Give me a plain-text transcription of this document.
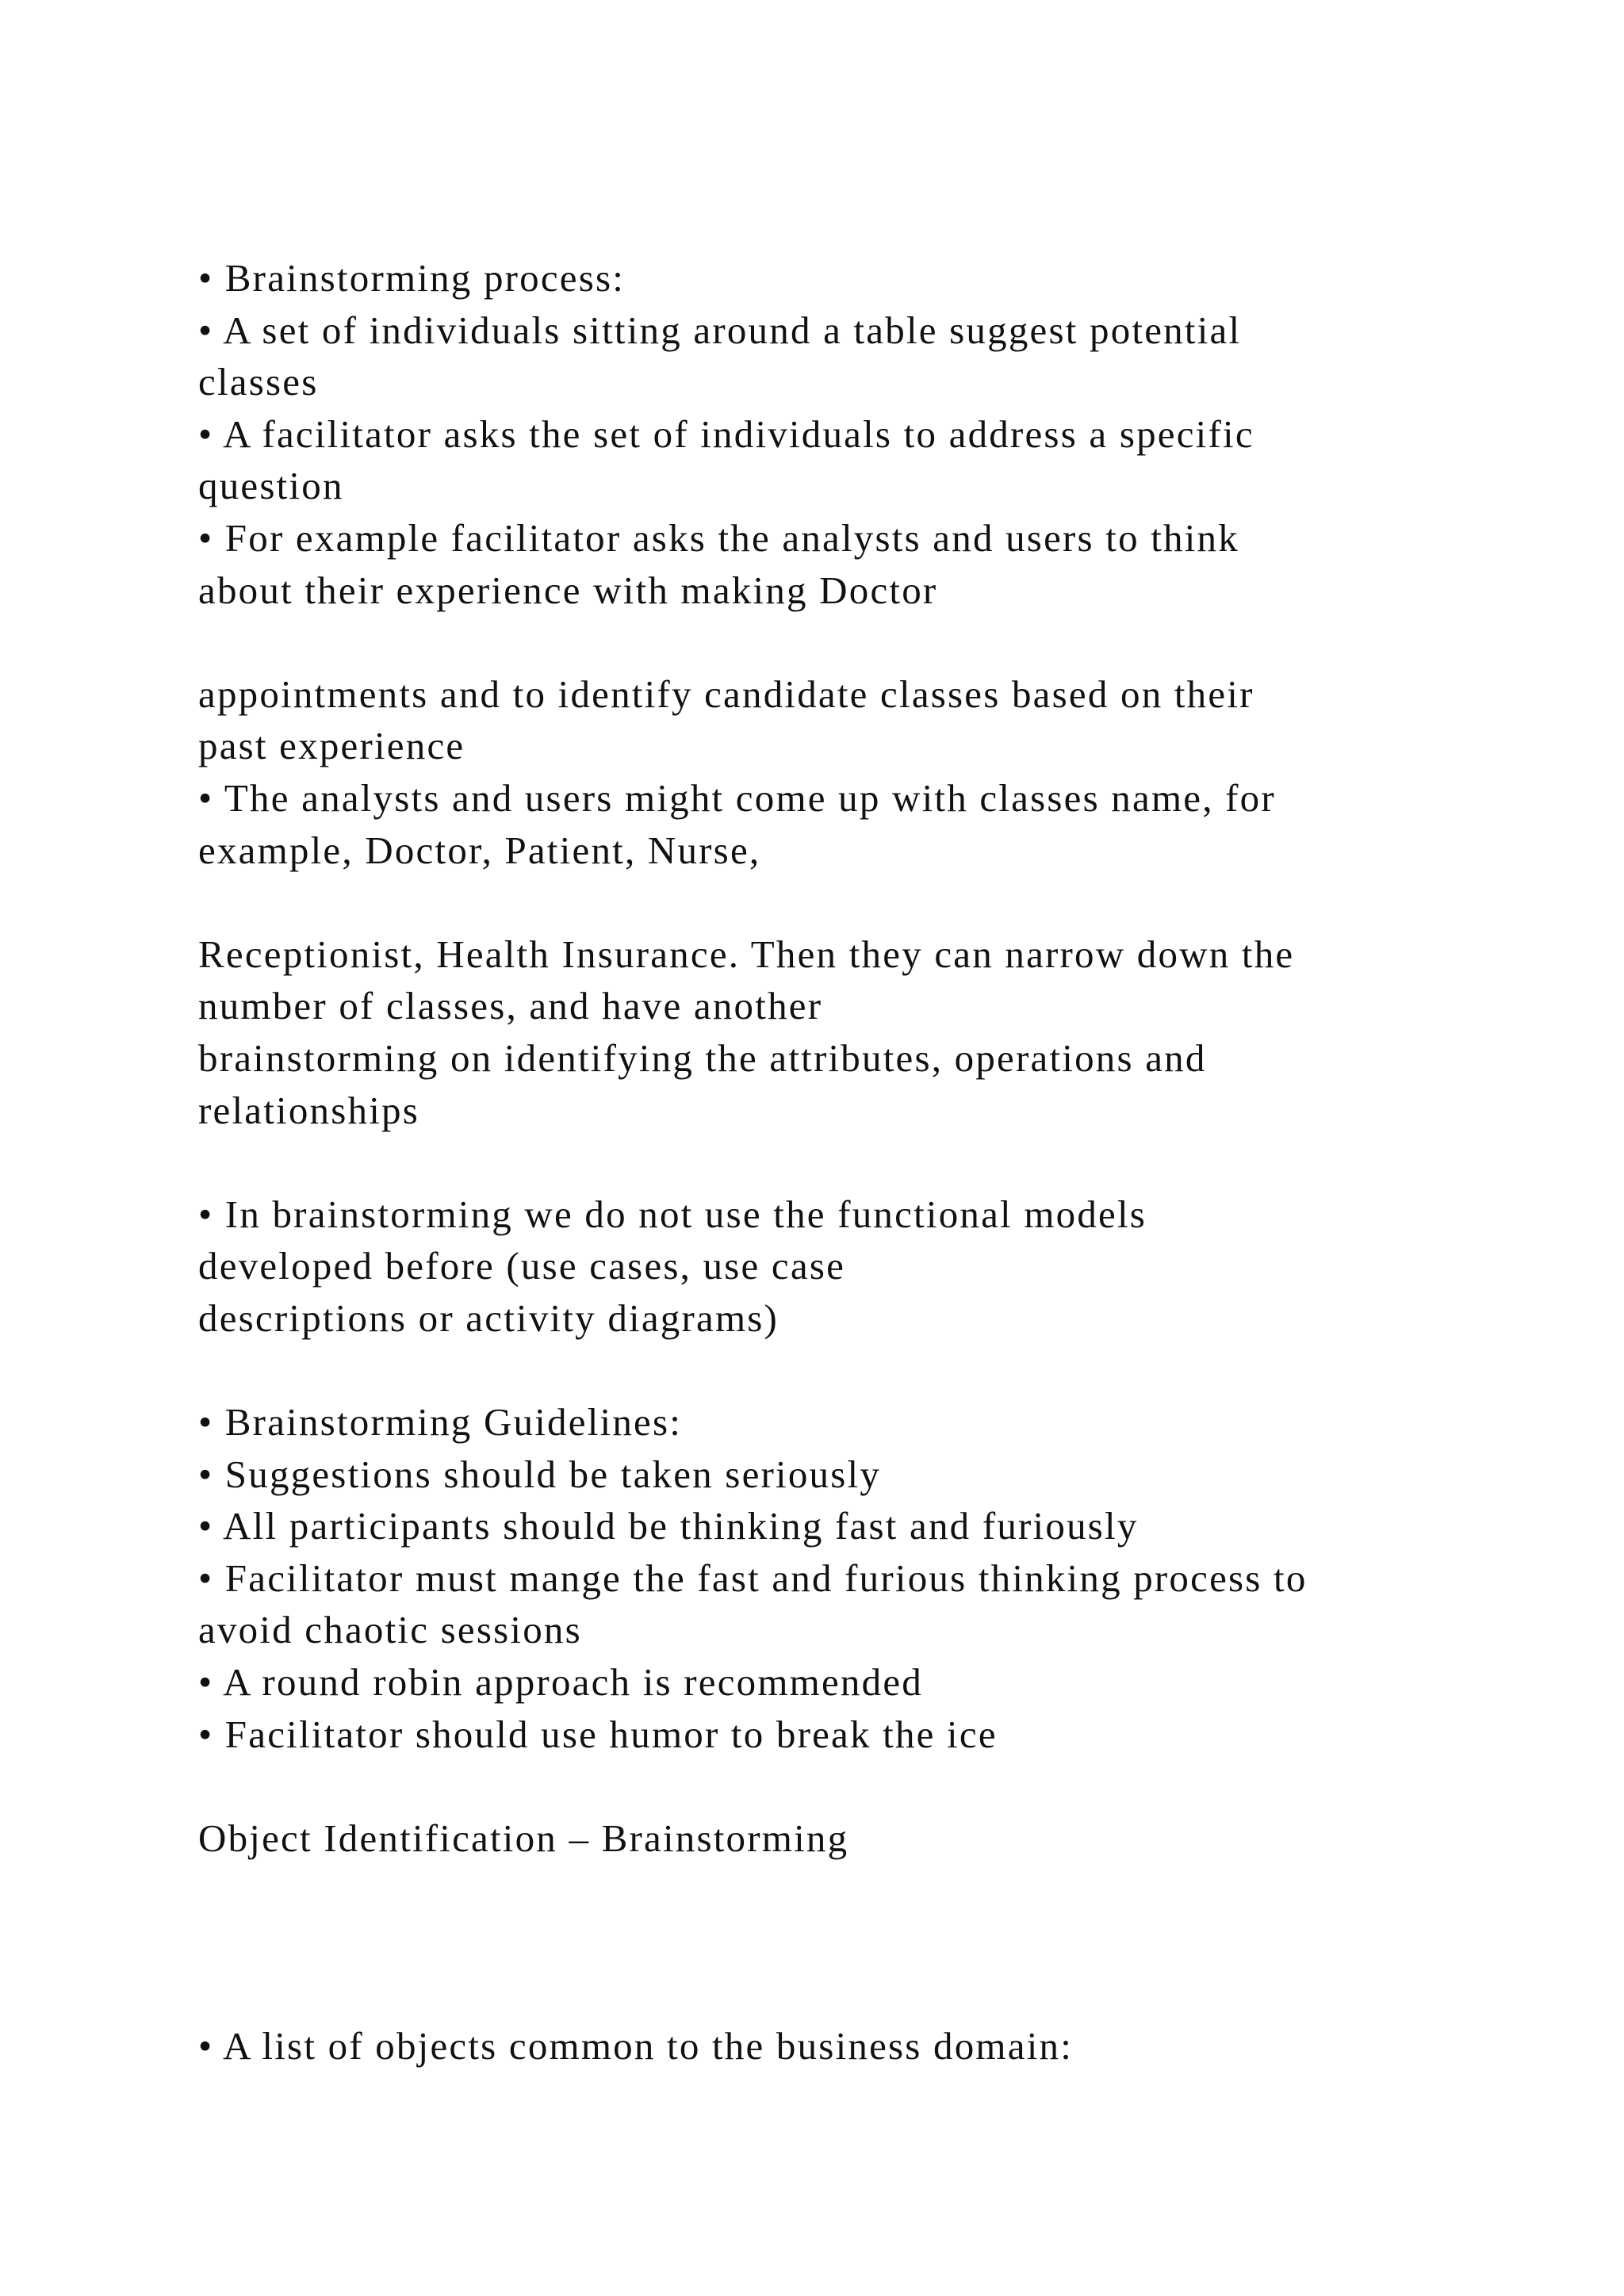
• Brainstorming process:
• A set of individuals sitting around a table suggest potential
classes
• A facilitator asks the set of individuals to address a specific
question
• For example facilitator asks the analysts and users to think
about their experience with making Doctor
appointments and to identify candidate classes based on their
past experience
• The analysts and users might come up with classes name, for
example, Doctor, Patient, Nurse,
Receptionist, Health Insurance. Then they can narrow down the
number of classes, and have another
brainstorming on identifying the attributes, operations and
relationships
• In brainstorming we do not use the functional models
developed before (use cases, use case
descriptions or activity diagrams)
• Brainstorming Guidelines:
• Suggestions should be taken seriously
• All participants should be thinking fast and furiously
• Facilitator must mange the fast and furious thinking process to
avoid chaotic sessions
• A round robin approach is recommended
• Facilitator should use humor to break the ice
Object Identification – Brainstorming
• A list of objects common to the business domain:
